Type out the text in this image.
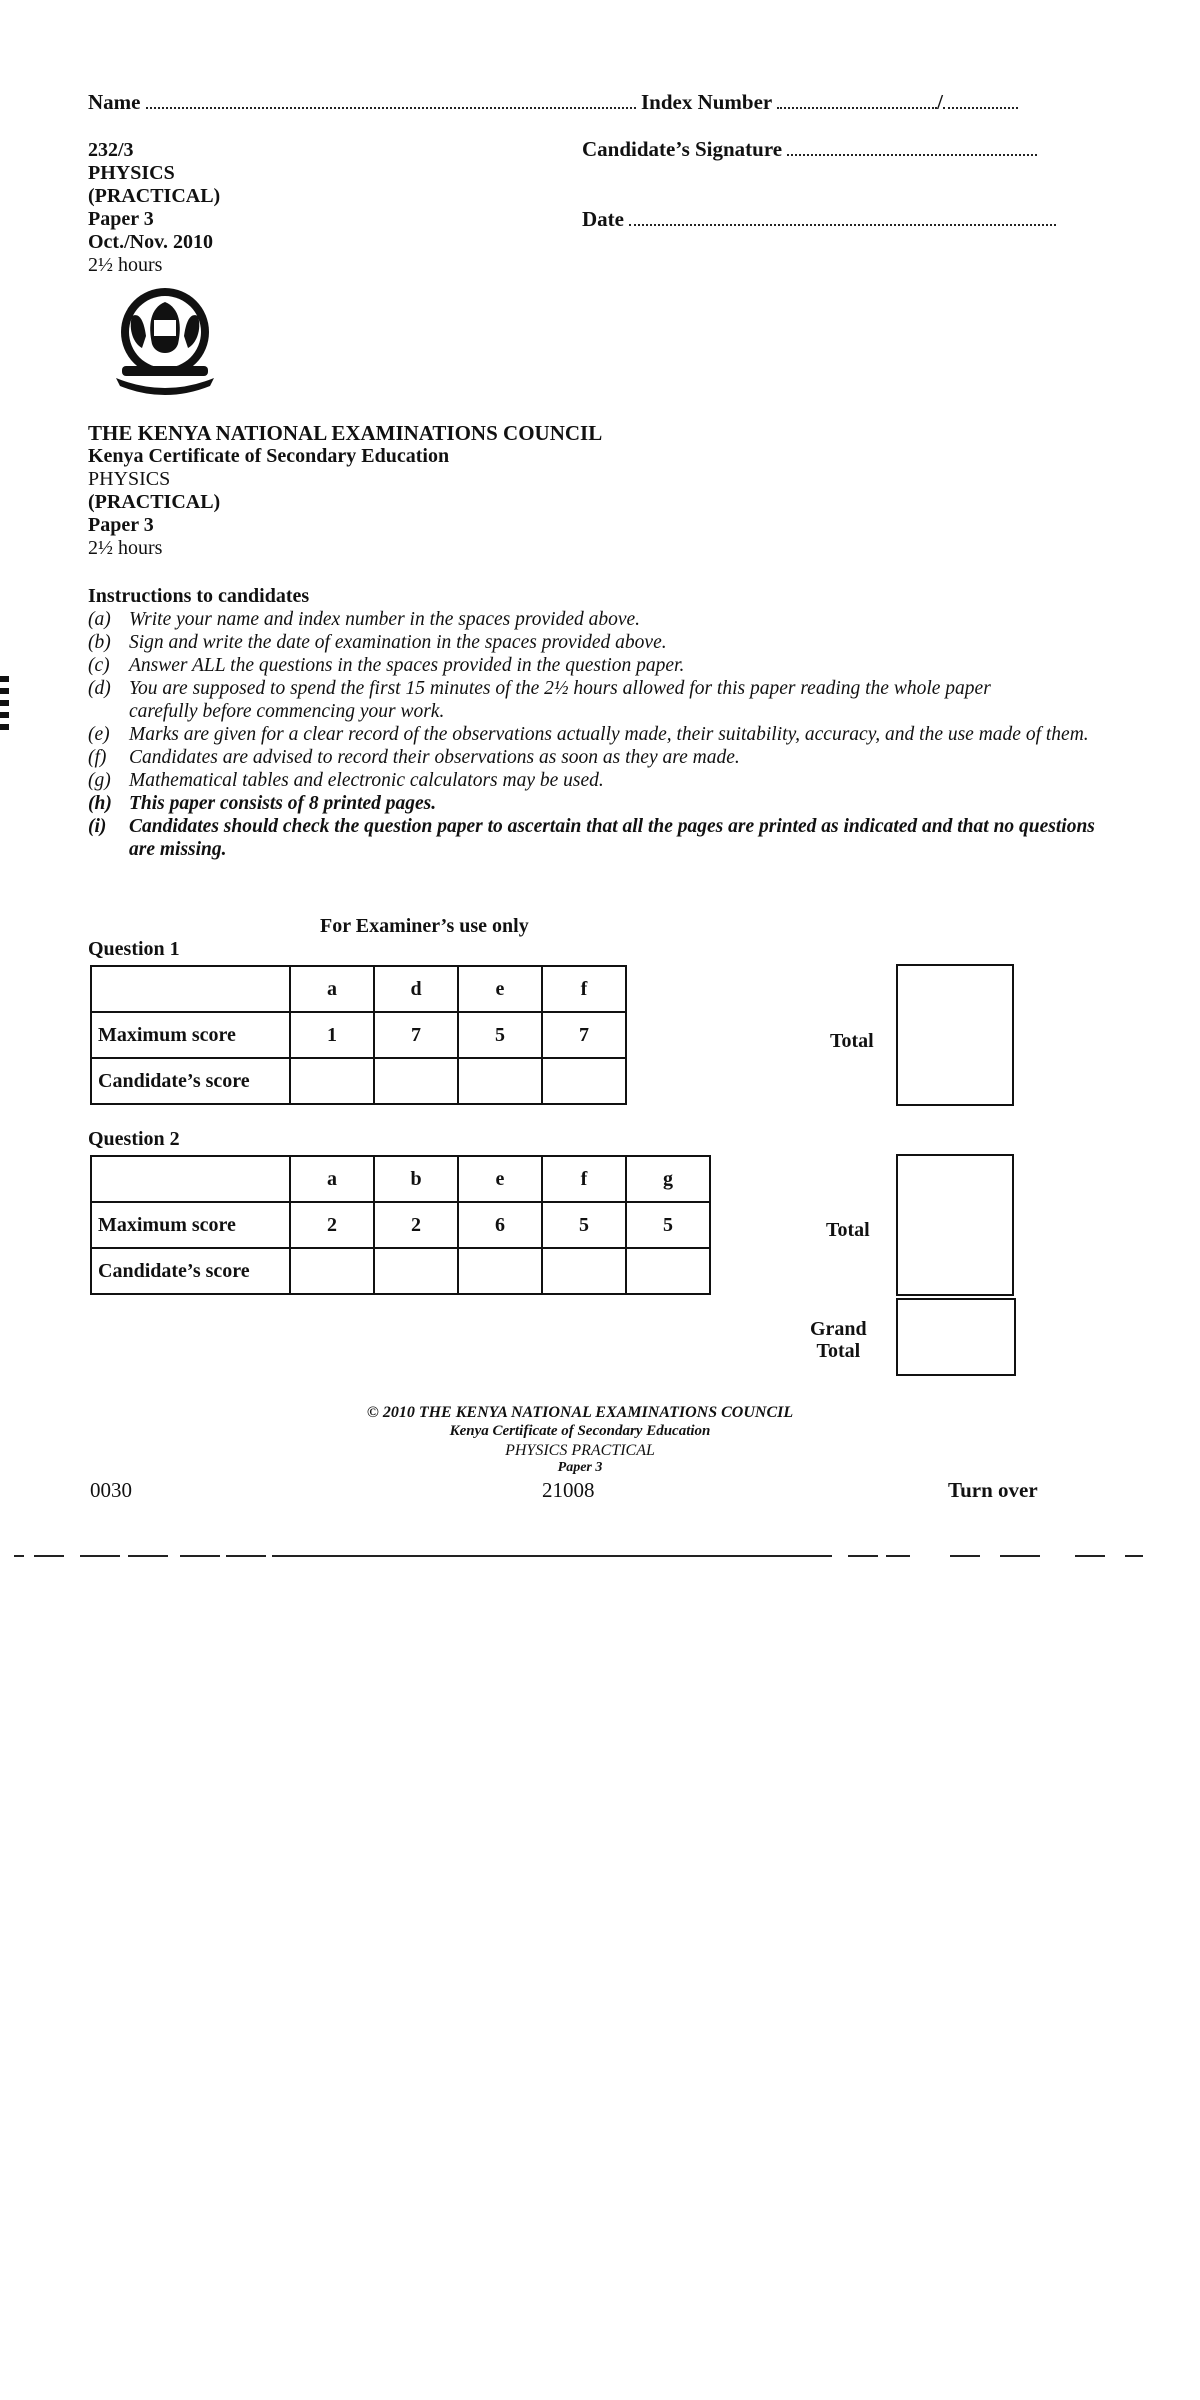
Name	Index Number	/
Candidate’s Signature
Date
232/3
PHYSICS
(PRACTICAL)
Paper 3
Oct./Nov. 2010
2½ hours
THE KENYA NATIONAL EXAMINATIONS COUNCIL
Kenya Certificate of Secondary Education
PHYSICS
(PRACTICAL)
Paper 3
2½ hours
Instructions to candidates
(a) Write your name and index number in the spaces provided above.
(b) Sign and write the date of examination in the spaces provided above.
(c) Answer ALL the questions in the spaces provided in the question paper.
(d) You are supposed to spend the first 15 minutes of the 2½ hours allowed for this paper reading the whole paper carefully before commencing your work.
(e) Marks are given for a clear record of the observations actually made, their suitability, accuracy, and the use made of them.
(f) Candidates are advised to record their observations as soon as they are made.
(g) Mathematical tables and electronic calculators may be used.
(h) This paper consists of 8 printed pages.
(i) Candidates should check the question paper to ascertain that all the pages are printed as indicated and that no questions are missing.
For Examiner’s use only
Question 1
	a	d	e	f
Maximum score	1	7	5	7
Candidate’s score				
Total
Question 2
	a	b	e	f	g
Maximum score	2	2	6	5	5
Candidate’s score					
Total
Grand
Total
© 2010 THE KENYA NATIONAL EXAMINATIONS COUNCIL
Kenya Certificate of Secondary Education
PHYSICS PRACTICAL
Paper 3
0030	21008	Turn over
